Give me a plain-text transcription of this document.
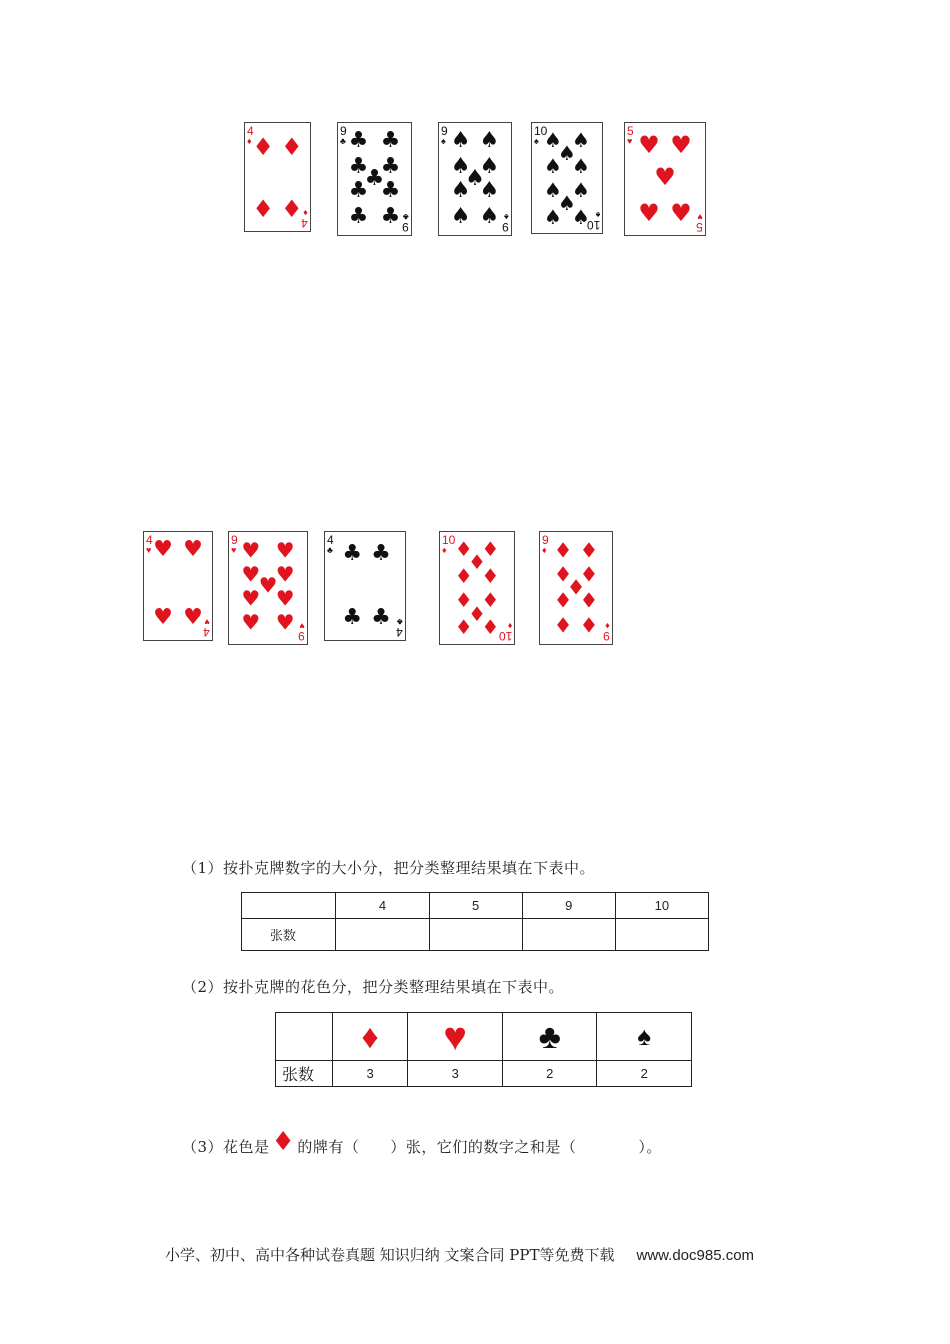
4
♦ ♦ ♦
♦ ♦
4
♦
9
♣ ♣ ♣
♣ ♣
♣
♣ ♣
♣ ♣ 9
♣
9
♠ ♠ ♠
♠ ♠
♠
♠ ♠
♠ ♠ 9
♠
10
♠ ♠ ♠
♠
♠ ♠
♠ ♠
♠
♠ ♠
10
♠
5
♥ ♥ ♥
♥
♥ ♥
5
♥
4
♥ ♥ ♥
♥ ♥
4
♥
9
♥ ♥ ♥
♥ ♥
♥
♥ ♥
♥ ♥
9
♥
4
♣ ♣ ♣
♣ ♣
4
♣
10
♦ ♦ ♦
♦
♦ ♦
♦ ♦
♦
♦ ♦ 10
♦
9
♦ ♦ ♦
♦ ♦
♦
♦ ♦
♦ ♦ 9
♦
（1）按扑克牌数字的大小分，把分类整理结果填在下表中。
	4	5	9	10
张数				
（2）按扑克牌的花色分，把分类整理结果填在下表中。
	♦	♥	♣	♠
张数	3	3	2	2
（3）花色是♦ 的牌有（　　）张，它们的数字之和是（　　　　）。
小学、初中、高中各种试卷真题 知识归纳 文案合同 PPT等免费下载 www.doc985.com
